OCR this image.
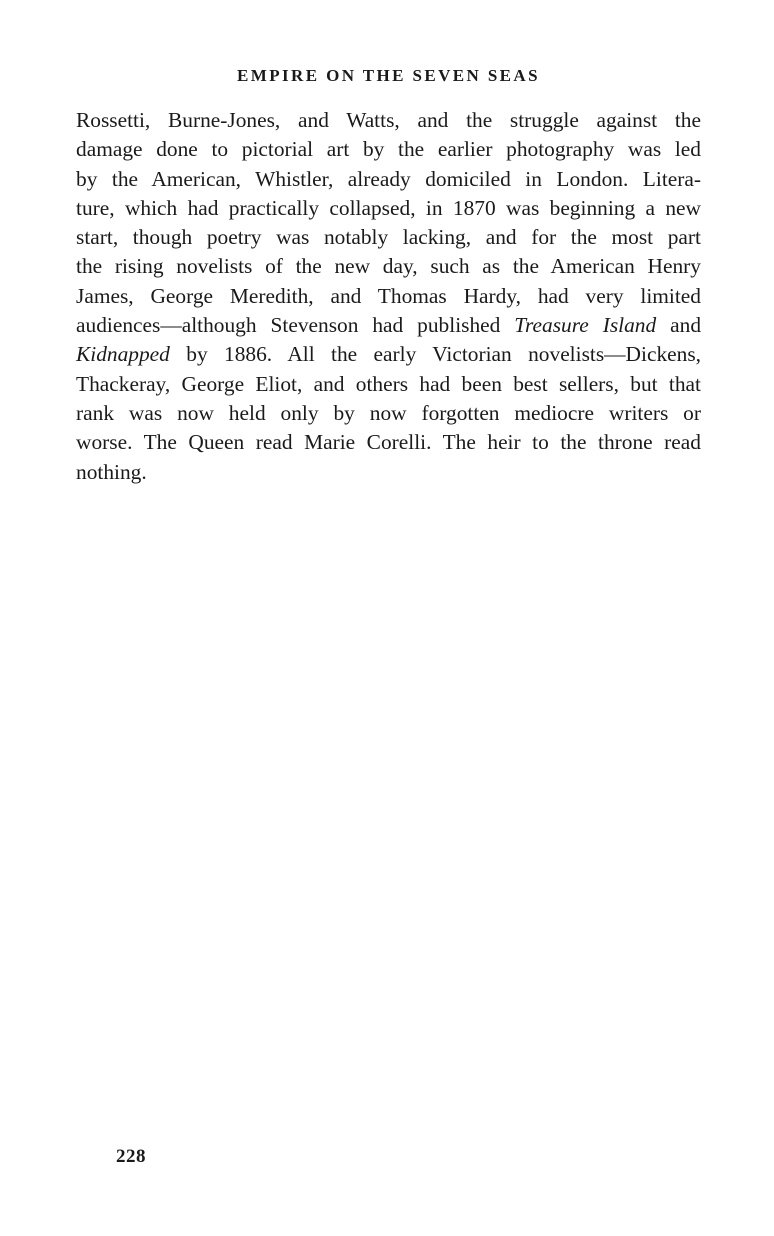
EMPIRE ON THE SEVEN SEAS

Rossetti, Burne-Jones, and Watts, and the struggle against the
damage done to pictorial art by the earlier photography was led
by the American, Whistler, already domiciled in London. Litera-
ture, which had practically collapsed, in 1870 was beginning a new
start, though poetry was notably lacking, and for the most part
the rising novelists of the new day, such as the American Henry
James, George Meredith, and Thomas Hardy, had very limited
audiences—although Stevenson had published Treasure Island and
Kidnapped by 1886. All the early Victorian novelists—Dickens,
Thackeray, George Eliot, and others had been best sellers, but that
rank was now held only by now forgotten mediocre writers or
worse. The Queen read Marie Corelli. The heir to the throne read
nothing.

228
